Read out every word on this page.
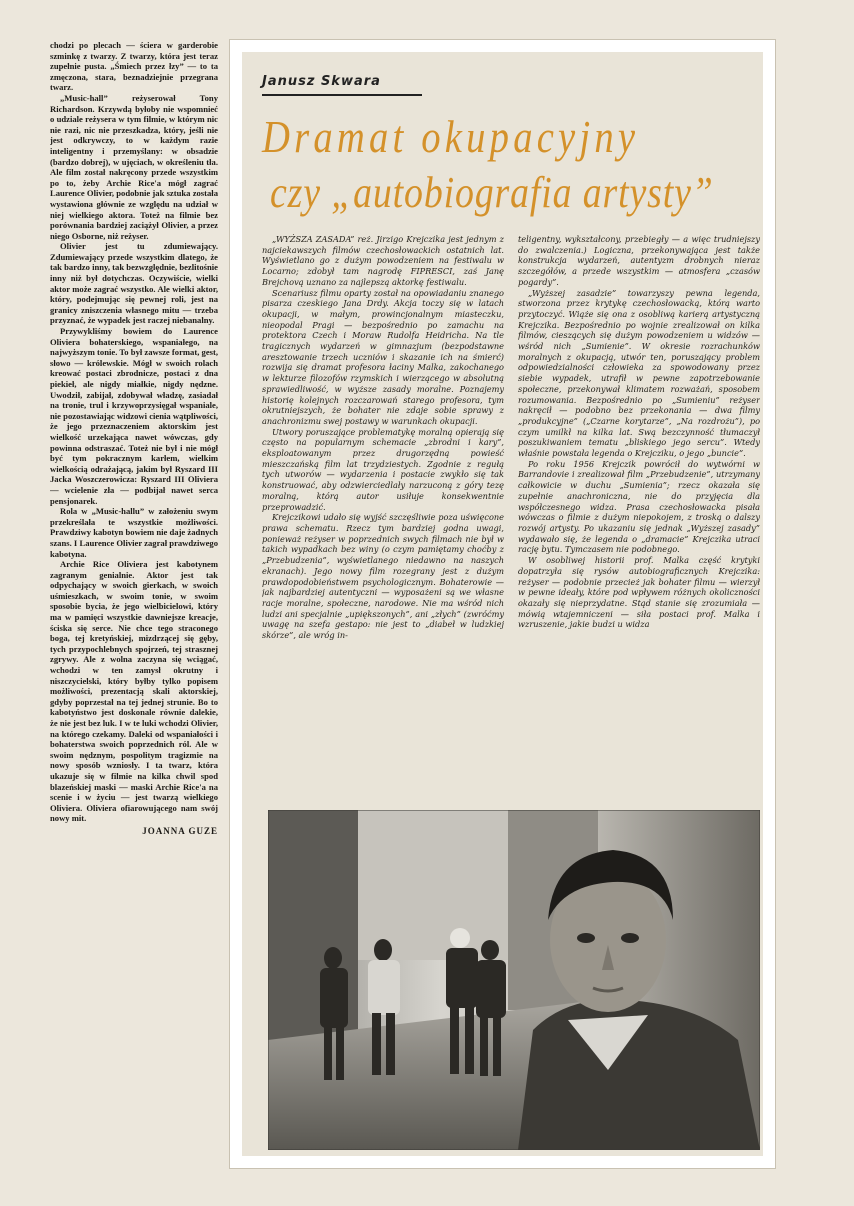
chodzi po plecach — ściera w garderobie szminkę z twarzy. Z twarzy, która jest teraz zupełnie pusta. „Śmiech przez łzy” — to ta zmęczona, stara, beznadziejnie przegrana twarz.

„Music-hall” reżyserował Tony Richardson. Krzywdą byłoby nie wspomnieć o udziale reżysera w tym filmie, w którym nic nie razi, nic nie przeszkadza, który, jeśli nie jest odkrywczy, to w każdym razie inteligentny i przemyślany: w obsadzie (bardzo dobrej), w ujęciach, w określeniu tła. Ale film został nakręcony przede wszystkim po to, żeby Archie Rice'a mógł zagrać Laurence Olivier, podobnie jak sztuka została wystawiona głównie ze względu na udział w niej wielkiego aktora. Toteż na filmie bez porównania bardziej zaciążył Olivier, a przez niego Osborne, niż reżyser.

Olivier jest tu zdumiewający. Zdumiewający przede wszystkim dlatego, że tak bardzo inny, tak bezwzględnie, bezlitośnie inny niż był dotychczas. Oczywiście, wielki aktor może zagrać wszystko. Ale wielki aktor, który, podejmując się pewnej roli, jest na granicy zniszczenia własnego mitu — trzeba przyznać, że wypadek jest raczej niebanalny.

Przywykliśmy bowiem do Laurence Oliviera bohaterskiego, wspaniałego, na najwyższym tonie. To był zawsze format, gest, słowo — królewskie. Mógł w swoich rolach kreować postaci zbrodnicze, postaci z dna piekieł, ale nigdy miałkie, nigdy nędzne. Uwodził, zabijał, zdobywał władzę, zasiadał na tronie, trul i krzywoprzysięgał wspaniale, nie pozostawiając widzowi cienia wątpliwości, że jego przeznaczeniem aktorskim jest wielkość urzekająca nawet wówczas, gdy powinna odstraszać. Toteż nie był i nie mógł być tym pokracznym karłem, wielkim wielkością odrażającą, jakim był Ryszard III Jacka Woszczerowicza: Ryszard III Oliviera — wcielenie zła — podbijał nawet serca pensjonarek.

Rola w „Music-hallu” w założeniu swym przekreślała te wszystkie możliwości. Prawdziwy kabotyn bowiem nie daje żadnych szans. I Laurence Olivier zagrał prawdziwego kabotyna.

Archie Rice Oliviera jest kabotynem zagranym genialnie. Aktor jest tak odpychający w swoich gierkach, w swoich uśmieszkach, w swoim tonie, w swoim sposobie bycia, że jego wielbicielowi, który ma w pamięci wszystkie dawniejsze kreacje, ściska się serce. Nie chce tego straconego boga, tej kretyńskiej, mizdrzącej się gęby, tych przypochlebnych spojrzeń, tej strasznej zgrywy. Ale z wolna zaczyna się wciągać, wchodzi w ten zamysł okrutny i niszczycielski, który byłby tylko popisem możliwości, prezentacją skali aktorskiej, gdyby poprzestał na tej jednej strunie. Bo to kabotyństwo jest doskonale równie dalekie, że nie jest bez luk. I w te luki wchodzi Olivier, na którego czekamy. Daleki od wspaniałości i bohaterstwa swoich poprzednich ról. Ale w swoim nędznym, pospolitym tragizmie na nowy sposób wzniosły. I ta twarz, która ukazuje się w filmie na kilka chwil spod blazeńskiej maski — maski Archie Rice'a na scenie i w życiu — jest twarzą wielkiego Oliviera. Oliviera ofiarowującego nam swój nowy mit.

JOANNA GUZE

Janusz Skwara
Dramat okupacyjny
czy „autobiografia artysty”

„WYŻSZA ZASADA” reż. Jirzigo Krejczika jest jednym z najciekawszych filmów czechosłowackich ostatnich lat. Wyświetlano go z dużym powodzeniem na festiwalu w Locarno; zdobył tam nagrodę FIPRESCI, zaś Janę Brejchovą uznano za najlepszą aktorkę festiwalu.

Scenariusz filmu oparty został na opowiadaniu znanego pisarza czeskiego Jana Drdy. Akcja toczy się w latach okupacji, w małym, prowincjonalnym miasteczku, nieopodal Pragi — bezpośrednio po zamachu na protektora Czech i Moraw Rudolfa Heidricha. Na tle tragicznych wydarzeń w gimnazjum (bezpodstawne aresztowanie trzech uczniów i skazanie ich na śmierć) rozwija się dramat profesora łaciny Malka, zakochanego w lekturze filozofów rzymskich i wierzącego w absolutną sprawiedliwość, w wyższe zasady moralne. Poznajemy historię kolejnych rozczarowań starego profesora, tym okrutniejszych, że bohater nie zdaje sobie sprawy z anachronizmu swej postawy w warunkach okupacji.

Utwory poruszające problematykę moralną opierają się często na popularnym schemacie „zbrodni i kary”, eksploatowanym przez drugorzędną powieść mieszczańską film lat trzydziestych. Zgodnie z regułą tych utworów — wydarzenia i postacie zwykło się tak konstruować, aby odzwierciedlały narzuconą z góry tezę moralną, którą autor usiłuje konsekwentnie przeprowadzić.

Krejczikowi udało się wyjść szczęśliwie poza uświęcone prawa schematu. Rzecz tym bardziej godna uwagi, ponieważ reżyser w poprzednich swych filmach nie był w takich wypadkach bez winy (o czym pamiętamy choćby z „Przebudzenia”, wyświetlanego niedawno na naszych ekranach). Jego nowy film rozegrany jest z dużym prawdopodobieństwem psychologicznym. Bohaterowie — jak najbardziej autentyczni — wyposażeni są we własne racje moralne, społeczne, narodowe. Nie ma wśród nich ludzi ani specjalnie „upiększonych”, ani „złych” (zwróćmy uwagę na szefa gestapo: nie jest to „diabeł w ludzkiej skórze”, ale wróg in-

teligentny, wykształcony, przebiegły — a więc trudniejszy do zwalczenia.) Logiczna, przekonywająca jest także konstrukcja wydarzeń, autentyzm drobnych nieraz szczegółów, a przede wszystkim — atmosfera „czasów pogardy”.

„Wyższej zasadzie” towarzyszy pewna legenda, stworzona przez krytykę czechosłowacką, którą warto przytoczyć. Wiąże się ona z osobliwą karierą artystyczną Krejczika. Bezpośrednio po wojnie zrealizował on kilka filmów, cieszących się dużym powodzeniem u widzów — wśród nich „Sumienie”. W okresie rozrachunków moralnych z okupacją, utwór ten, poruszający problem odpowiedzialności człowieka za spowodowany przez siebie wypadek, utrafił w pewne zapotrzebowanie społeczne, przekonywał klimatem rozważań, sposobem rozumowania. Bezpośrednio po „Sumieniu” reżyser nakręcił — podobno bez przekonania — dwa filmy „produkcyjne” („Czarne korytarze”, „Na rozdrożu”), po czym umilkł na kilka lat. Swą bezczynność tłumaczył poszukiwaniem tematu „bliskiego jego sercu”. Wtedy właśnie powstała legenda o Krejcziku, o jego „buncie”.

Po roku 1956 Krejczik powrócił do wytwórni w Barrandovie i zrealizował film „Przebudzenie”, utrzymany całkowicie w duchu „Sumienia”; rzecz okazała się zupełnie anachroniczna, nie do przyjęcia dla współczesnego widza. Prasa czechosłowacka pisała wówczas o filmie z dużym niepokojem, z troską o dalszy rozwój artysty. Po ukazaniu się jednak „Wyższej zasady” wydawało się, że legenda o „dramacie” Krejczika utraci rację bytu. Tymczasem nie podobnego.

W osobliwej historii prof. Malka część krytyki dopatrzyła się rysów autobiograficznych Krejczika: reżyser — podobnie przecież jak bohater filmu — wierzył w pewne ideały, które pod wpływem różnych okoliczności okazały się nieprzydatne. Stąd stanie się zrozumiała — mówią wtajemniczeni — siła postaci prof. Malka i wzruszenie, jakie budzi u widza
